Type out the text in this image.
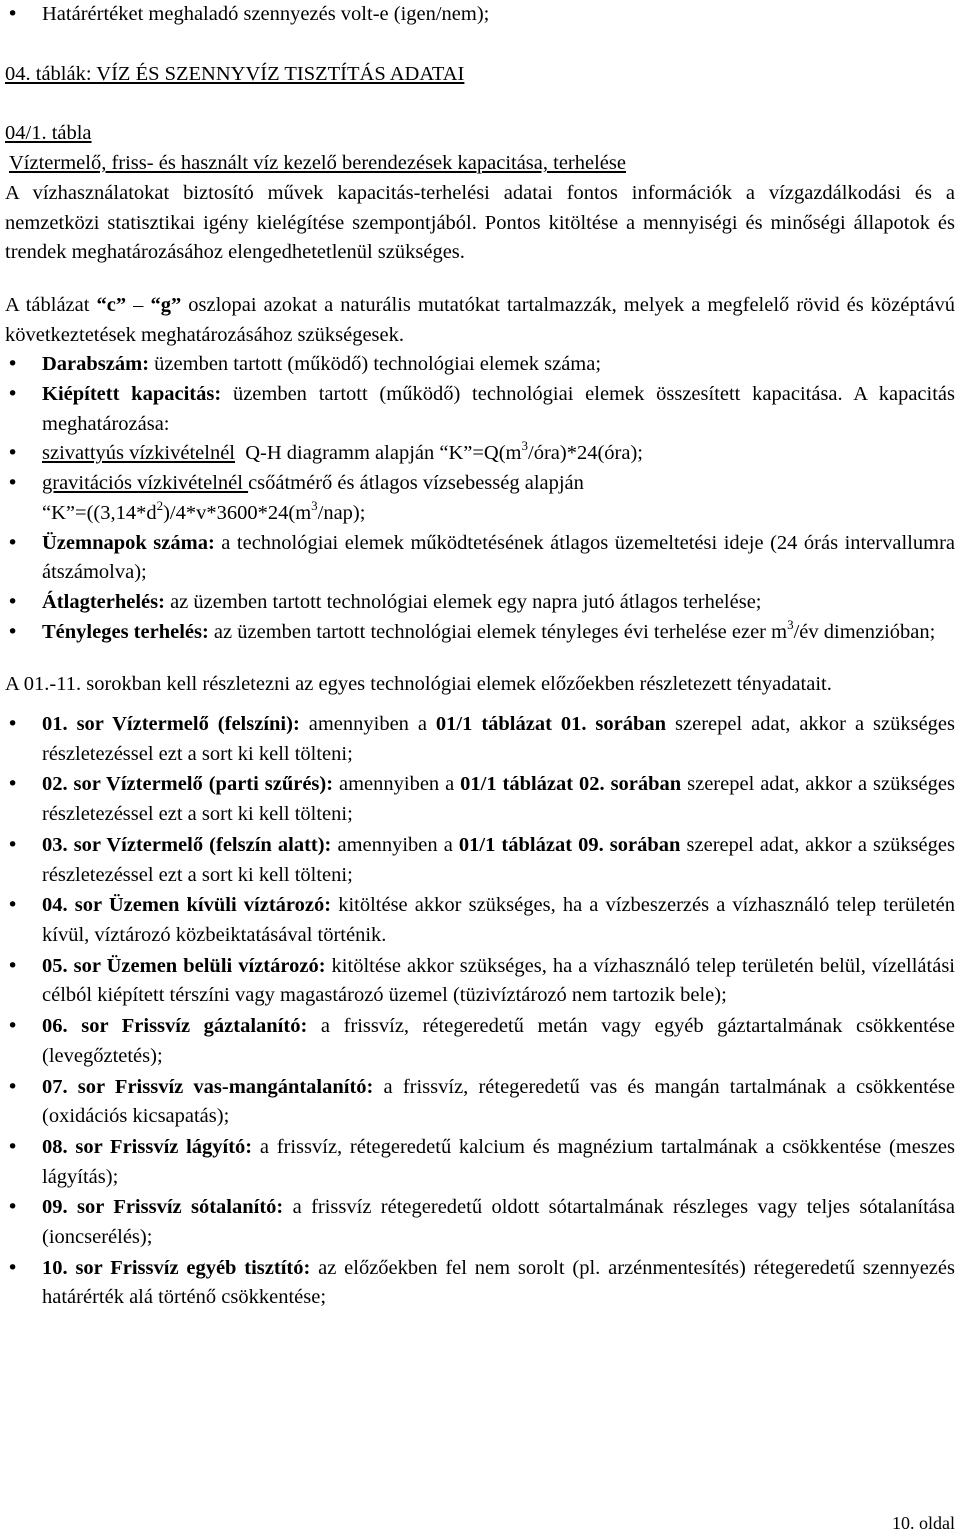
• Határértéket meghaladó szennyezés volt-e (igen/nem);

04. táblák: VÍZ ÉS SZENNYVÍZ TISZTÍTÁS ADATAI

04/1. tábla

Víztermelő, friss- és használt víz kezelő berendezések kapacitása, terhelése

A vízhasználatokat biztosító művek kapacitás-terhelési adatai fontos információk a vízgazdálkodási és a nemzetközi statisztikai igény kielégítése szempontjából. Pontos kitöltése a mennyiségi és minőségi állapotok és trendek meghatározásához elengedhetetlenül szükséges.

A táblázat “c” – “g” oszlopai azokat a naturális mutatókat tartalmazzák, melyek a megfelelő rövid és középtávú következtetések meghatározásához szükségesek.

• Darabszám: üzemben tartott (működő) technológiai elemek száma;
• Kiépített kapacitás: üzemben tartott (működő) technológiai elemek összesített kapacitása. A kapacitás meghatározása:
• szivattyús vízkivételnél  Q-H diagramm alapján “$K”=Q(m^3/óra)*24(óra)$;
• gravitációs vízkivételnél csőátmérő és átlagos vízsebesség alapján
“$K”=((3,14*d^2)/4*v*3600*24(m^3/nap)$;
• Üzemnapok száma: a technológiai elemek működtetésének átlagos üzemeltetési ideje (24 órás intervallumra átszámolva);
• Átlagterhelés: az üzemben tartott technológiai elemek egy napra jutó átlagos terhelése;
• Tényleges terhelés: az üzemben tartott technológiai elemek tényleges évi terhelése ezer $m^3/év$ dimenzióban;

A 01.-11. sorokban kell részletezni az egyes technológiai elemek előzőekben részletezett tényadatait.

• 01. sor Víztermelő (felszíni): amennyiben a 01/1 táblázat 01. sorában szerepel adat, akkor a szükséges részletezéssel ezt a sort ki kell tölteni;
• 02. sor Víztermelő (parti szűrés): amennyiben a 01/1 táblázat 02. sorában szerepel adat, akkor a szükséges részletezéssel ezt a sort ki kell tölteni;
• 03. sor Víztermelő (felszín alatt): amennyiben a 01/1 táblázat 09. sorában szerepel adat, akkor a szükséges részletezéssel ezt a sort ki kell tölteni;
• 04. sor Üzemen kívüli víztározó: kitöltése akkor szükséges, ha a vízbeszerzés a vízhasználó telep területén kívül, víztározó közbeiktatásával történik.
• 05. sor Üzemen belüli víztározó: kitöltése akkor szükséges, ha a vízhasználó telep területén belül, vízellátási célból kiépített térszíni vagy magastározó üzemel (tüzivíztározó nem tartozik bele);
• 06. sor Frissvíz gáztalanító: a frissvíz, rétegeredetű metán vagy egyéb gáztartalmának csökkentése (levegőztetés);
• 07. sor Frissvíz vas-mangántalanító: a frissvíz, rétegeredetű vas és mangán tartalmának a csökkentése (oxidációs kicsapatás);
• 08. sor Frissvíz lágyító: a frissvíz, rétegeredetű kalcium és magnézium tartalmának a csökkentése (meszes lágyítás);
• 09. sor Frissvíz sótalanító: a frissvíz rétegeredetű oldott sótartalmának részleges vagy teljes sótalanítása (ioncserélés);
• 10. sor Frissvíz egyéb tisztító: az előzőekben fel nem sorolt (pl. arzénmentesítés) rétegeredetű szennyezés határérték alá történő csökkentése;
10. oldal
